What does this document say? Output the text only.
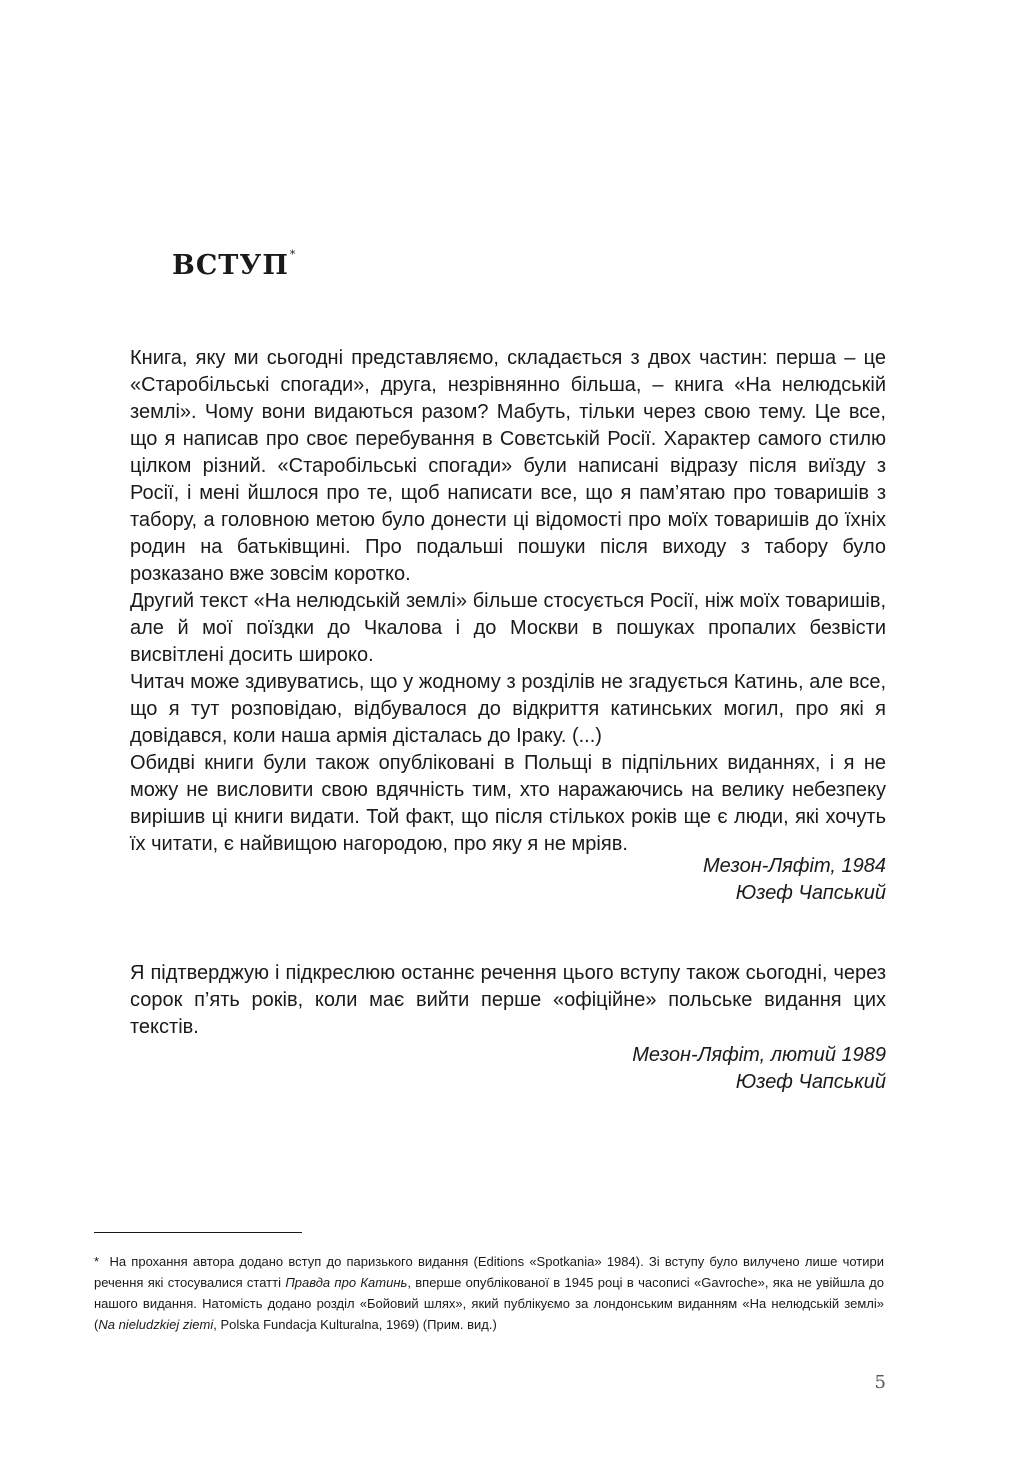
ВСТУП*

Книга, яку ми сьогодні представляємо, складається з двох частин: перша – це «Старобільські спогади», друга, незрівнянно більша, – книга «На нелюдській землі». Чому вони видаються разом? Мабуть, тільки через свою тему. Це все, що я написав про своє перебування в Совєтській Росії. Характер самого стилю цілком різний. «Старобільські спогади» були написані відразу після виїзду з Росії, і мені йшлося про те, щоб написати все, що я пам’ятаю про товаришів з табору, а головною метою було донести ці відомості про моїх товаришів до їхніх родин на батьківщині. Про подальші пошуки після виходу з табору було розказано вже зовсім коротко.

Другий текст «На нелюдській землі» більше стосується Росії, ніж моїх товаришів, але й мої поїздки до Чкалова і до Москви в пошуках пропалих безвісти висвітлені досить широко.

Читач може здивуватись, що у жодному з розділів не згадується Катинь, але все, що я тут розповідаю, відбувалося до відкриття катинських могил, про які я довідався, коли наша армія дісталась до Іраку. (...)

Обидві книги були також опубліковані в Польщі в підпільних виданнях, і я не можу не висловити свою вдячність тим, хто наражаючись на велику небезпеку вирішив ці книги видати. Той факт, що після стількох років ще є люди, які хочуть їх читати, є найвищою нагородою, про яку я не мріяв.

Мезон-Ляфіт, 1984
Юзеф Чапський

Я підтверджую і підкреслюю останнє речення цього вступу також сьогодні, через сорок п’ять років, коли має вийти перше «офіційне» польське видання цих текстів.

Мезон-Ляфіт, лютий 1989
Юзеф Чапський
* На прохання автора додано вступ до паризького видання (Editions «Spotkania» 1984). Зі вступу було вилучено лише чотири речення які стосувалися статті Правда про Катинь, вперше опублікованої в 1945 році в часописі «Gavroche», яка не увійшла до нашого видання. Натомість додано розділ «Бойовий шлях», який публікуємо за лондонським виданням «На нелюдській землі» (Na nieludzkiej ziemi, Polska Fundacja Kulturalna, 1969) (Прим. вид.)
5
